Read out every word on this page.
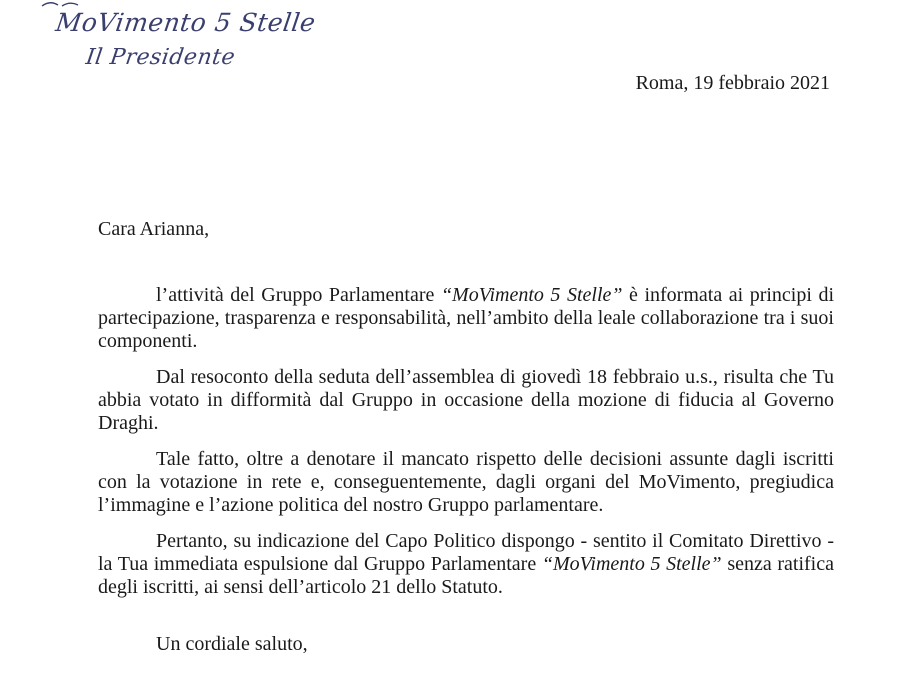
MoVimento 5 Stelle
Il Presidente
Roma, 19 febbraio 2021
Cara Arianna,

l’attività del Gruppo Parlamentare “MoVimento 5 Stelle” è informata ai principi di partecipazione, trasparenza e responsabilità, nell’ambito della leale collaborazione tra i suoi componenti.

Dal resoconto della seduta dell’assemblea di giovedì 18 febbraio u.s., risulta che Tu abbia votato in difformità dal Gruppo in occasione della mozione di fiducia al Governo Draghi.

Tale fatto, oltre a denotare il mancato rispetto delle decisioni assunte dagli iscritti con la votazione in rete e, conseguentemente, dagli organi del MoVimento, pregiudica l’immagine e l’azione politica del nostro Gruppo parlamentare.

Pertanto, su indicazione del Capo Politico dispongo - sentito il Comitato Direttivo - la Tua immediata espulsione dal Gruppo Parlamentare “MoVimento 5 Stelle” senza ratifica degli iscritti, ai sensi dell’articolo 21 dello Statuto.

Un cordiale saluto,
